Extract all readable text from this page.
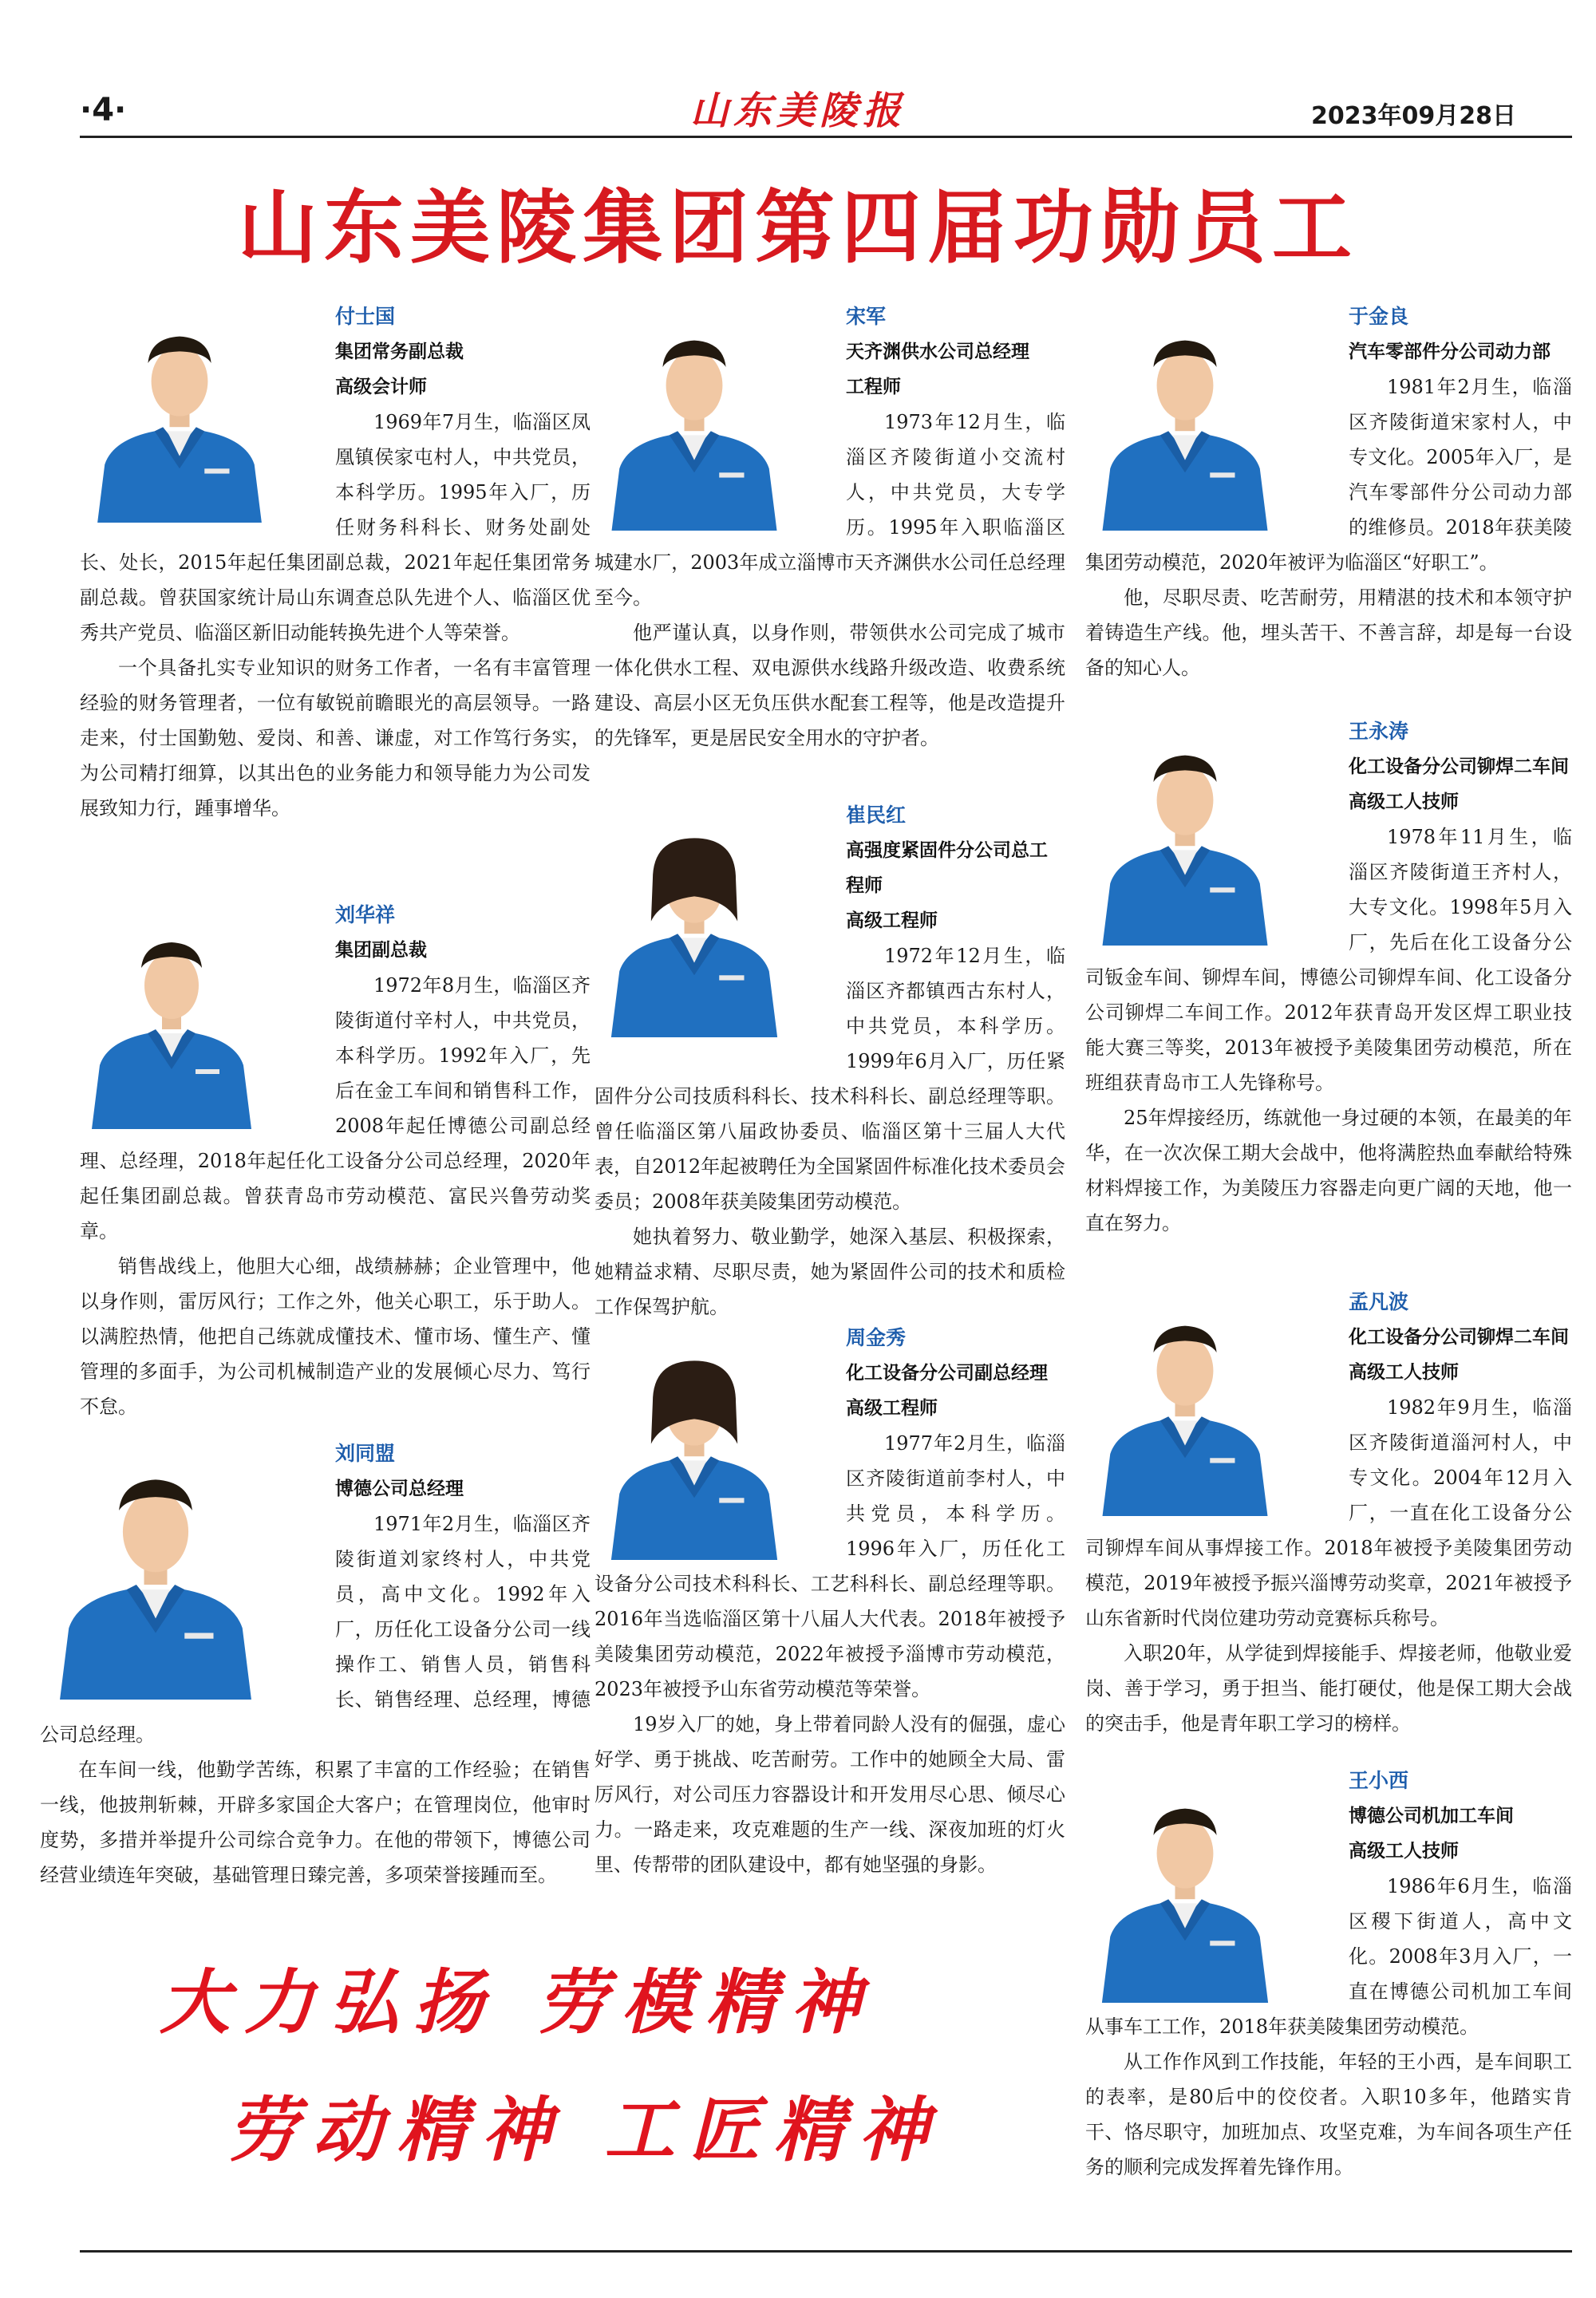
·4·	山东美陵报	2023年09月28日
山东美陵集团第四届功勋员工
付士国
集团常务副总裁
高级会计师

1969年7月生，临淄区凤凰镇侯家屯村人，中共党员，本科学历。1995年入厂，历任财务科科长、财务处副处长、处长，2015年起任集团副总裁，2021年起任集团常务副总裁。曾获国家统计局山东调查总队先进个人、临淄区优秀共产党员、临淄区新旧动能转换先进个人等荣誉。

一个具备扎实专业知识的财务工作者，一名有丰富管理经验的财务管理者，一位有敏锐前瞻眼光的高层领导。一路走来，付士国勤勉、爱岗、和善、谦虚，对工作笃行务实，为公司精打细算，以其出色的业务能力和领导能力为公司发展致知力行，踵事增华。

刘华祥
集团副总裁

1972年8月生，临淄区齐陵街道付辛村人，中共党员，本科学历。1992年入厂，先后在金工车间和销售科工作，2008年起任博德公司副总经理、总经理，2018年起任化工设备分公司总经理，2020年起任集团副总裁。曾获青岛市劳动模范、富民兴鲁劳动奖章。

销售战线上，他胆大心细，战绩赫赫；企业管理中，他以身作则，雷厉风行；工作之外，他关心职工，乐于助人。以满腔热情，他把自己练就成懂技术、懂市场、懂生产、懂管理的多面手，为公司机械制造产业的发展倾心尽力、笃行不怠。

刘同盟
博德公司总经理

1971年2月生，临淄区齐陵街道刘家终村人，中共党员，高中文化。1992年入厂，历任化工设备分公司一线操作工、销售人员，销售科长、销售经理、总经理，博德公司总经理。

在车间一线，他勤学苦练，积累了丰富的工作经验；在销售一线，他披荆斩棘，开辟多家国企大客户；在管理岗位，他审时度势，多措并举提升公司综合竞争力。在他的带领下，博德公司经营业绩连年突破，基础管理日臻完善，多项荣誉接踵而至。

宋军
天齐渊供水公司总经理
工程师

1973年12月生，临淄区齐陵街道小交流村人，中共党员，大专学历。1995年入职临淄区城建水厂，2003年成立淄博市天齐渊供水公司任总经理至今。

他严谨认真，以身作则，带领供水公司完成了城市一体化供水工程、双电源供水线路升级改造、收费系统建设、高层小区无负压供水配套工程等，他是改造提升的先锋军，更是居民安全用水的守护者。

崔民红
高强度紧固件分公司总工程师
高级工程师

1972年12月生，临淄区齐都镇西古东村人，中共党员，本科学历。1999年6月入厂，历任紧固件分公司技质科科长、技术科科长、副总经理等职。曾任临淄区第八届政协委员、临淄区第十三届人大代表，自2012年起被聘任为全国紧固件标准化技术委员会委员；2008年获美陵集团劳动模范。

她执着努力、敬业勤学，她深入基层、积极探索，她精益求精、尽职尽责，她为紧固件公司的技术和质检工作保驾护航。

周金秀
化工设备分公司副总经理
高级工程师

1977年2月生，临淄区齐陵街道前李村人，中共党员，本科学历。1996年入厂，历任化工设备分公司技术科科长、工艺科科长、副总经理等职。2016年当选临淄区第十八届人大代表。2018年被授予美陵集团劳动模范，2022年被授予淄博市劳动模范，2023年被授予山东省劳动模范等荣誉。

19岁入厂的她，身上带着同龄人没有的倔强，虚心好学、勇于挑战、吃苦耐劳。工作中的她顾全大局、雷厉风行，对公司压力容器设计和开发用尽心思、倾尽心力。一路走来，攻克难题的生产一线、深夜加班的灯火里、传帮带的团队建设中，都有她坚强的身影。

于金良
汽车零部件分公司动力部

1981年2月生，临淄区齐陵街道宋家村人，中专文化。2005年入厂，是汽车零部件分公司动力部的维修员。2018年获美陵集团劳动模范，2020年被评为临淄区“好职工”。

他，尽职尽责、吃苦耐劳，用精湛的技术和本领守护着铸造生产线。他，埋头苦干、不善言辞，却是每一台设备的知心人。

王永涛
化工设备分公司铆焊二车间
高级工人技师

1978年11月生，临淄区齐陵街道王齐村人，大专文化。1998年5月入厂，先后在化工设备分公司钣金车间、铆焊车间，博德公司铆焊车间、化工设备分公司铆焊二车间工作。2012年获青岛开发区焊工职业技能大赛三等奖，2013年被授予美陵集团劳动模范，所在班组获青岛市工人先锋称号。

25年焊接经历，练就他一身过硬的本领，在最美的年华，在一次次保工期大会战中，他将满腔热血奉献给特殊材料焊接工作，为美陵压力容器走向更广阔的天地，他一直在努力。

孟凡波
化工设备分公司铆焊二车间
高级工人技师

1982年9月生，临淄区齐陵街道淄河村人，中专文化。2004年12月入厂，一直在化工设备分公司铆焊车间从事焊接工作。2018年被授予美陵集团劳动模范，2019年被授予振兴淄博劳动奖章，2021年被授予山东省新时代岗位建功劳动竞赛标兵称号。

入职20年，从学徒到焊接能手、焊接老师，他敬业爱岗、善于学习，勇于担当、能打硬仗，他是保工期大会战的突击手，他是青年职工学习的榜样。

王小西
博德公司机加工车间
高级工人技师

1986年6月生，临淄区稷下街道人，高中文化。2008年3月入厂，一直在博德公司机加工车间从事车工工作，2018年获美陵集团劳动模范。

从工作作风到工作技能，年轻的王小西，是车间职工的表率，是80后中的佼佼者。入职10多年，他踏实肯干、恪尽职守，加班加点、攻坚克难，为车间各项生产任务的顺利完成发挥着先锋作用。

大力弘扬 劳模精神
劳动精神 工匠精神
